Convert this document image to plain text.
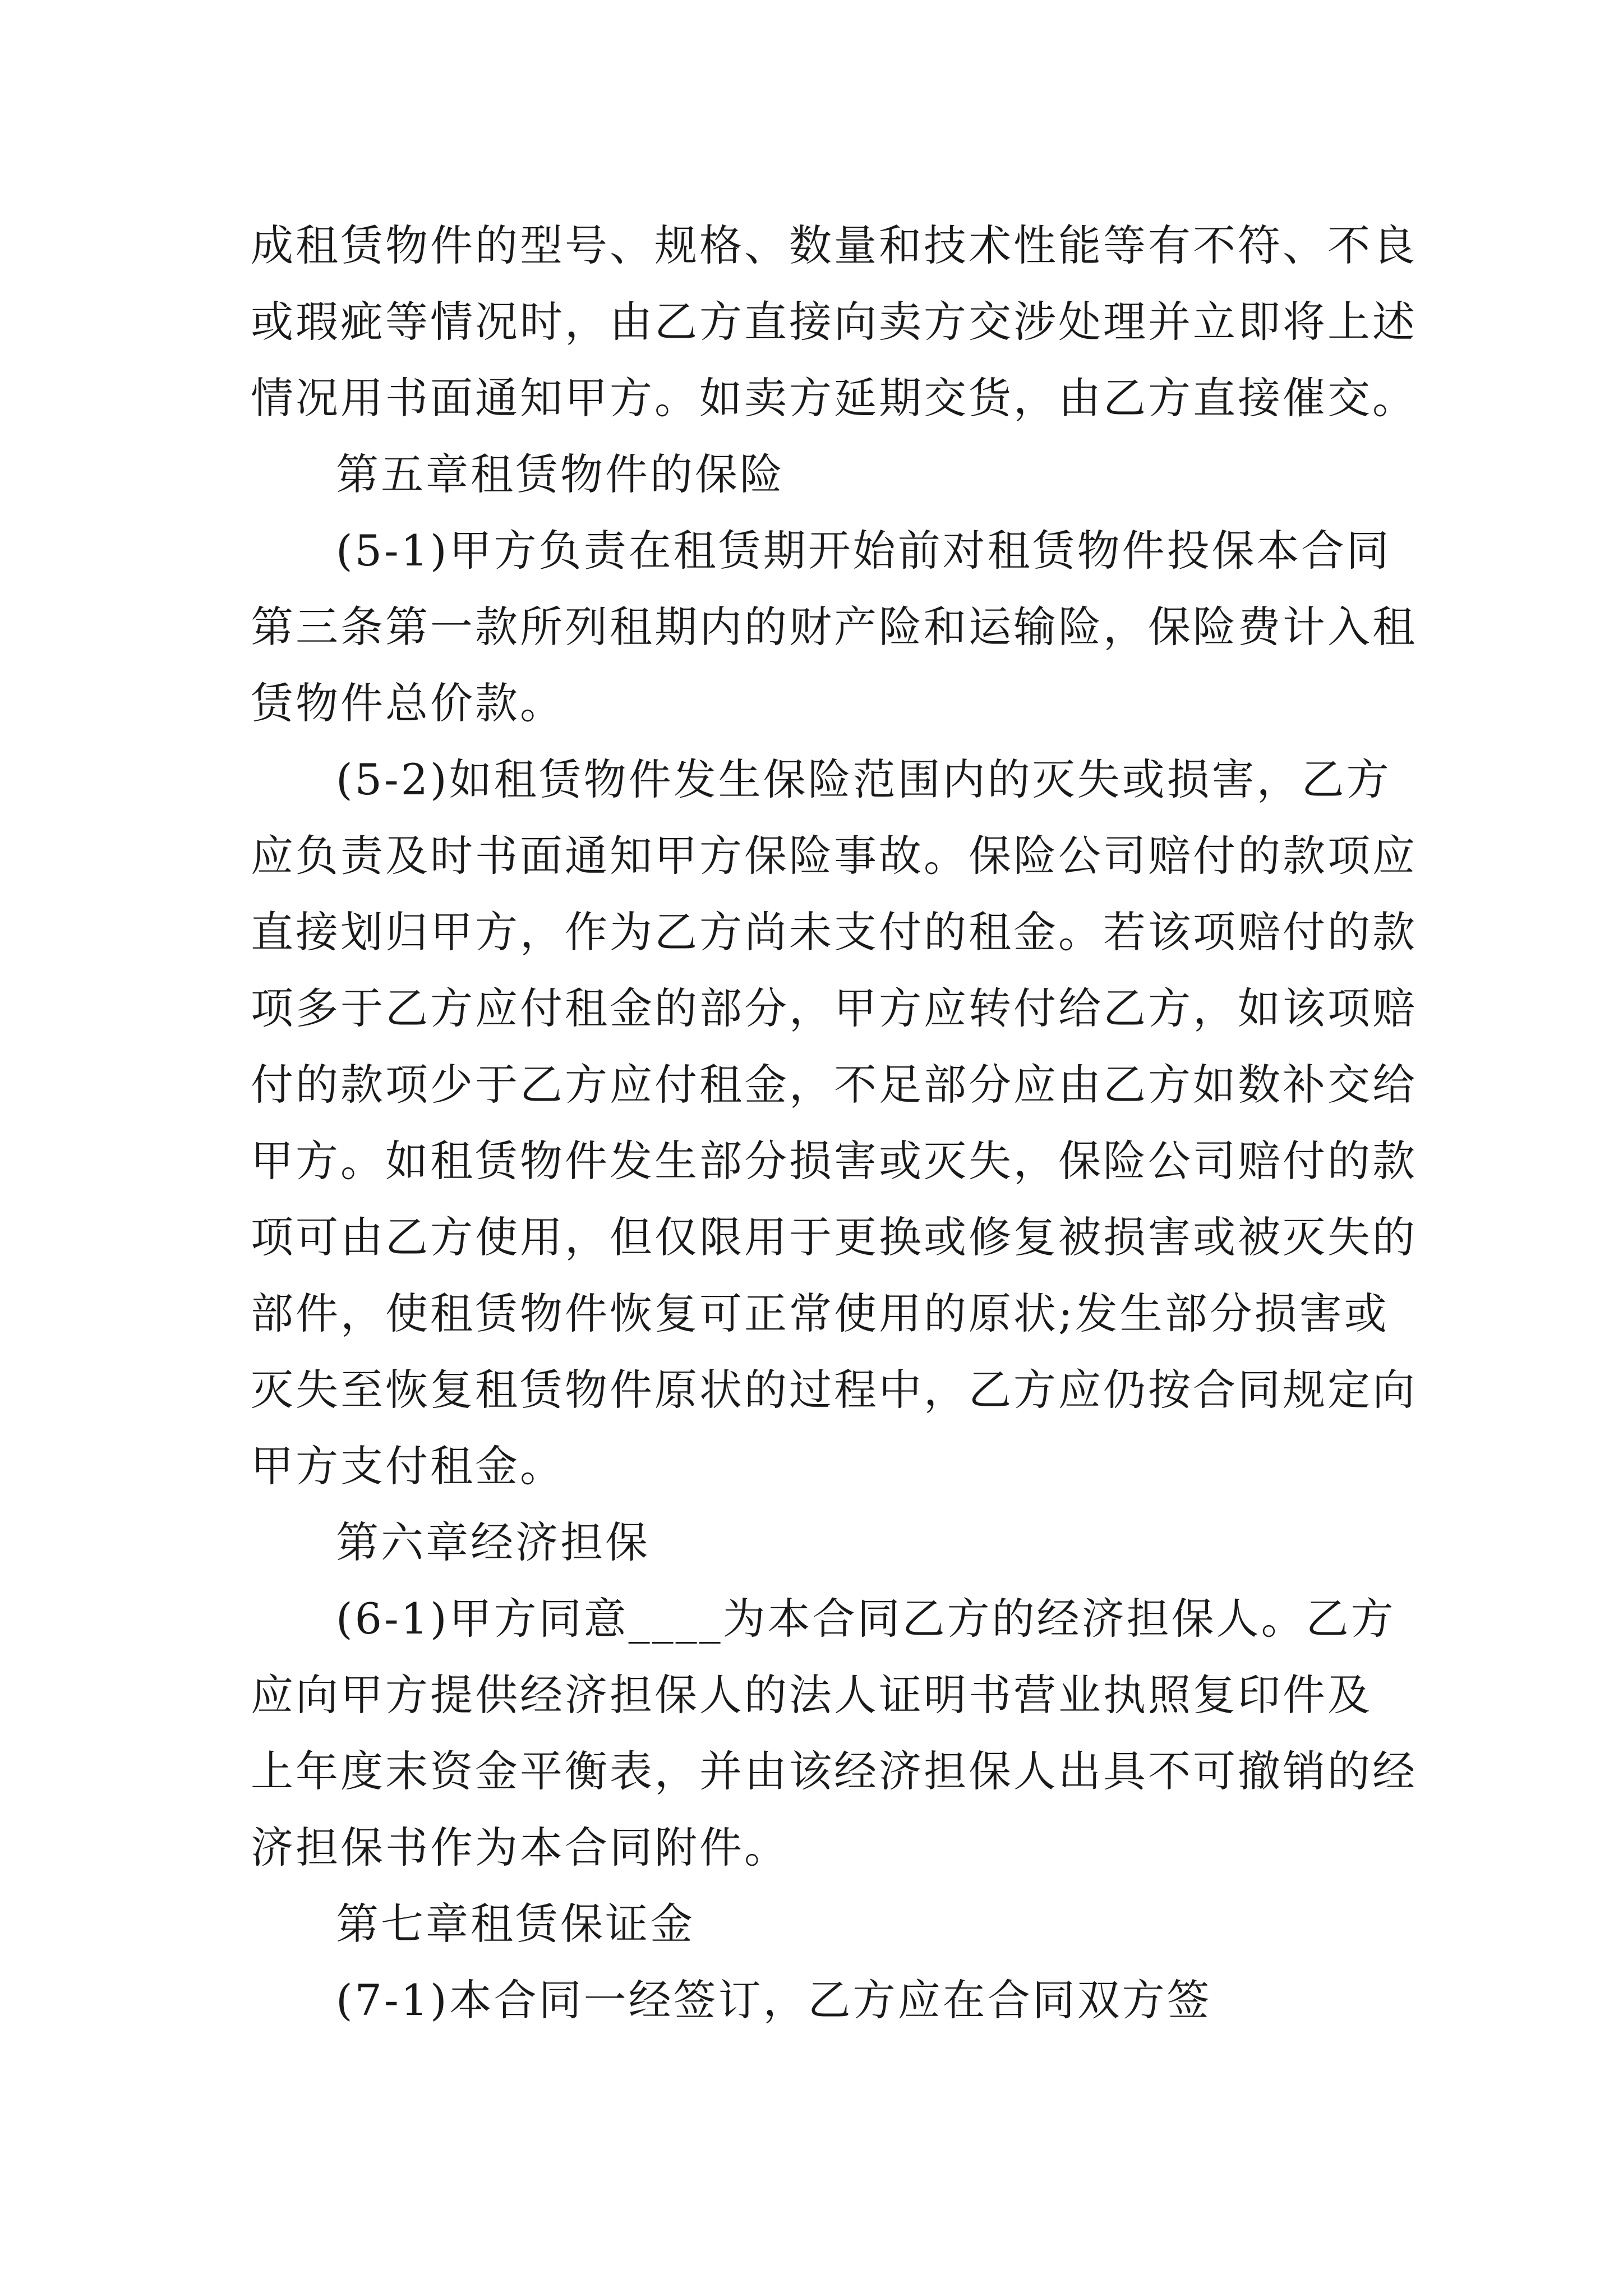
成租赁物件的型号、规格、数量和技术性能等有不符、不良
或瑕疵等情况时，由乙方直接向卖方交涉处理并立即将上述
情况用书面通知甲方。如卖方延期交货，由乙方直接催交。
第五章租赁物件的保险
(5-1)甲方负责在租赁期开始前对租赁物件投保本合同
第三条第一款所列租期内的财产险和运输险，保险费计入租
赁物件总价款。
(5-2)如租赁物件发生保险范围内的灭失或损害，乙方
应负责及时书面通知甲方保险事故。保险公司赔付的款项应
直接划归甲方，作为乙方尚未支付的租金。若该项赔付的款
项多于乙方应付租金的部分，甲方应转付给乙方，如该项赔
付的款项少于乙方应付租金，不足部分应由乙方如数补交给
甲方。如租赁物件发生部分损害或灭失，保险公司赔付的款
项可由乙方使用，但仅限用于更换或修复被损害或被灭失的
部件，使租赁物件恢复可正常使用的原状;发生部分损害或
灭失至恢复租赁物件原状的过程中，乙方应仍按合同规定向
甲方支付租金。
第六章经济担保
(6-1)甲方同意____为本合同乙方的经济担保人。乙方
应向甲方提供经济担保人的法人证明书营业执照复印件及
上年度末资金平衡表，并由该经济担保人出具不可撤销的经
济担保书作为本合同附件。
第七章租赁保证金
(7-1)本合同一经签订，乙方应在合同双方签
